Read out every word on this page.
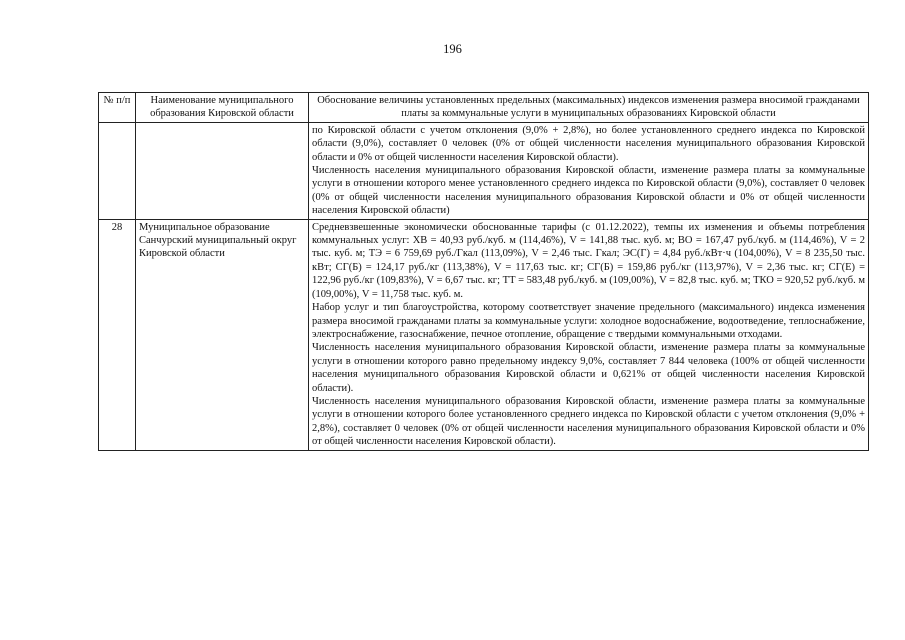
196
№ п/п	Наименование муниципального образования Кировской области	Обоснование величины установленных предельных (максимальных) индексов изменения размера вносимой гражданами платы за коммунальные услуги в муниципальных образованиях Кировской области

		по Кировской области с учетом отклонения (9,0% + 2,8%), но более установленного среднего индекса по Кировской области (9,0%), составляет 0 человек (0% от общей численности населения муниципального образования Кировской области и 0% от общей численности населения Кировской области).
Численность населения муниципального образования Кировской области, изменение размера платы за коммунальные услуги в отношении которого менее установленного среднего индекса по Кировской области (9,0%), составляет 0 человек (0% от общей численности населения муниципального образования Кировской области и 0% от общей численности населения Кировской области)

28	Муниципальное образование Санчурский муниципальный округ Кировской области	Средневзвешенные экономически обоснованные тарифы (с 01.12.2022), темпы их изменения и объемы потребления коммунальных услуг: ХВ = 40,93 руб./куб. м (114,46%), V = 141,88 тыс. куб. м; ВО = 167,47 руб./куб. м (114,46%), V = 2 тыс. куб. м; ТЭ = 6 759,69 руб./Гкал (113,09%), V = 2,46 тыс. Гкал; ЭС(Г) = 4,84 руб./кВт·ч (104,00%), V = 8 235,50 тыс. кВт; СГ(Б) = 124,17 руб./кг (113,38%), V = 117,63 тыс. кг; СГ(Б) = 159,86 руб./кг (113,97%), V = 2,36 тыс. кг; СГ(Е) = 122,96 руб./кг (109,83%), V = 6,67 тыс. кг; ТТ = 583,48 руб./куб. м (109,00%), V = 82,8 тыс. куб. м; ТКО = 920,52 руб./куб. м (109,00%), V = 11,758 тыс. куб. м.
Набор услуг и тип благоустройства, которому соответствует значение предельного (максимального) индекса изменения размера вносимой гражданами платы за коммунальные услуги: холодное водоснабжение, водоотведение, теплоснабжение, электроснабжение, газоснабжение, печное отопление, обращение с твердыми коммунальными отходами.
Численность населения муниципального образования Кировской области, изменение размера платы за коммунальные услуги в отношении которого равно предельному индексу 9,0%, составляет 7 844 человека (100% от общей численности населения муниципального образования Кировской области и 0,621% от общей численности населения Кировской области).
Численность населения муниципального образования Кировской области, изменение размера платы за коммунальные услуги в отношении которого более установленного среднего индекса по Кировской области с учетом отклонения (9,0% + 2,8%), составляет 0 человек (0% от общей численности населения муниципального образования Кировской области и 0% от общей численности населения Кировской области).
